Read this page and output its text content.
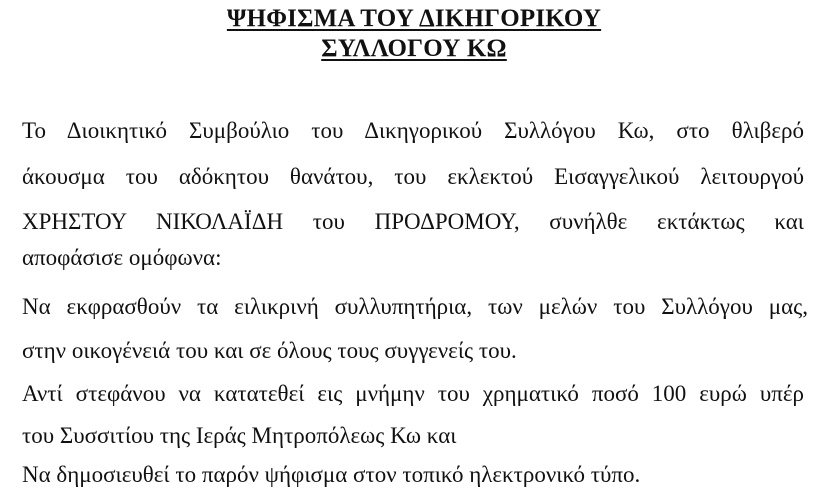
ΨΗΦΙΣΜΑ ΤΟΥ ΔΙΚΗΓΟΡΙΚΟΥ
ΣΥΛΛΟΓΟΥ ΚΩ
Το Διοικητικό Συμβούλιο του Δικηγορικού Συλλόγου Κω, στο θλιβερό
άκουσμα του αδόκητου θανάτου, του εκλεκτού Εισαγγελικού λειτουργού
ΧΡΗΣΤΟΥ ΝΙΚΟΛΑΪΔΗ του ΠΡΟΔΡΟΜΟΥ, συνήλθε εκτάκτως και
αποφάσισε ομόφωνα:
Να εκφρασθούν τα ειλικρινή συλλυπητήρια, των μελών του Συλλόγου μας,
στην οικογένειά του και σε όλους τους συγγενείς του.
Αντί στεφάνου να κατατεθεί εις μνήμην του χρηματικό ποσό 100 ευρώ υπέρ
του Συσσιτίου της Ιεράς Μητροπόλεως Κω και
Να δημοσιευθεί το παρόν ψήφισμα στον τοπικό ηλεκτρονικό τύπο.
